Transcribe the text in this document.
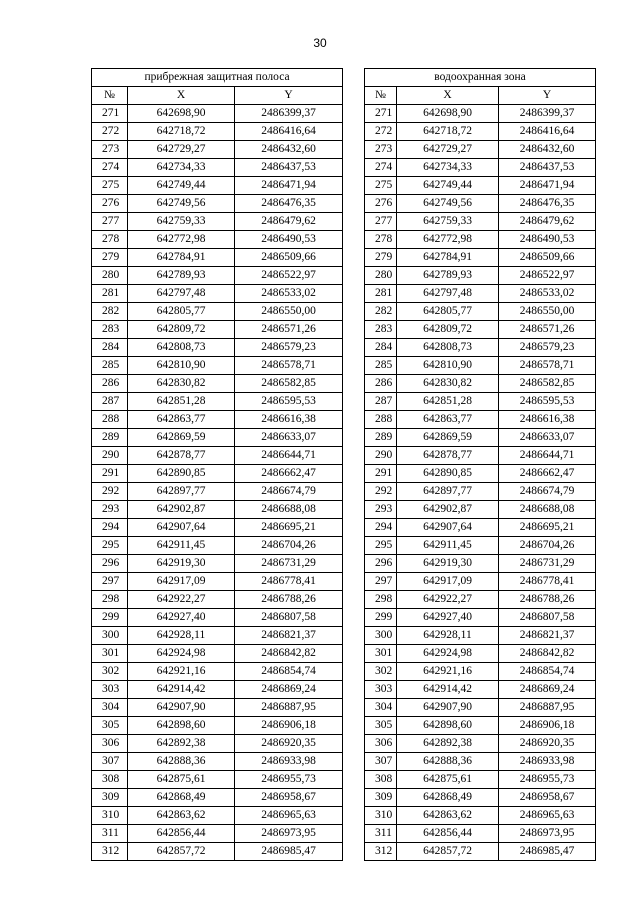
30
прибрежная защитная полоса		
№	X	Y
271	642698,90	2486399,37
272	642718,72	2486416,64
273	642729,27	2486432,60
274	642734,33	2486437,53
275	642749,44	2486471,94
276	642749,56	2486476,35
277	642759,33	2486479,62
278	642772,98	2486490,53
279	642784,91	2486509,66
280	642789,93	2486522,97
281	642797,48	2486533,02
282	642805,77	2486550,00
283	642809,72	2486571,26
284	642808,73	2486579,23
285	642810,90	2486578,71
286	642830,82	2486582,85
287	642851,28	2486595,53
288	642863,77	2486616,38
289	642869,59	2486633,07
290	642878,77	2486644,71
291	642890,85	2486662,47
292	642897,77	2486674,79
293	642902,87	2486688,08
294	642907,64	2486695,21
295	642911,45	2486704,26
296	642919,30	2486731,29
297	642917,09	2486778,41
298	642922,27	2486788,26
299	642927,40	2486807,58
300	642928,11	2486821,37
301	642924,98	2486842,82
302	642921,16	2486854,74
303	642914,42	2486869,24
304	642907,90	2486887,95
305	642898,60	2486906,18
306	642892,38	2486920,35
307	642888,36	2486933,98
308	642875,61	2486955,73
309	642868,49	2486958,67
310	642863,62	2486965,63
311	642856,44	2486973,95
312	642857,72	2486985,47
водоохранная зона		
№	X	Y
271	642698,90	2486399,37
272	642718,72	2486416,64
273	642729,27	2486432,60
274	642734,33	2486437,53
275	642749,44	2486471,94
276	642749,56	2486476,35
277	642759,33	2486479,62
278	642772,98	2486490,53
279	642784,91	2486509,66
280	642789,93	2486522,97
281	642797,48	2486533,02
282	642805,77	2486550,00
283	642809,72	2486571,26
284	642808,73	2486579,23
285	642810,90	2486578,71
286	642830,82	2486582,85
287	642851,28	2486595,53
288	642863,77	2486616,38
289	642869,59	2486633,07
290	642878,77	2486644,71
291	642890,85	2486662,47
292	642897,77	2486674,79
293	642902,87	2486688,08
294	642907,64	2486695,21
295	642911,45	2486704,26
296	642919,30	2486731,29
297	642917,09	2486778,41
298	642922,27	2486788,26
299	642927,40	2486807,58
300	642928,11	2486821,37
301	642924,98	2486842,82
302	642921,16	2486854,74
303	642914,42	2486869,24
304	642907,90	2486887,95
305	642898,60	2486906,18
306	642892,38	2486920,35
307	642888,36	2486933,98
308	642875,61	2486955,73
309	642868,49	2486958,67
310	642863,62	2486965,63
311	642856,44	2486973,95
312	642857,72	2486985,47
